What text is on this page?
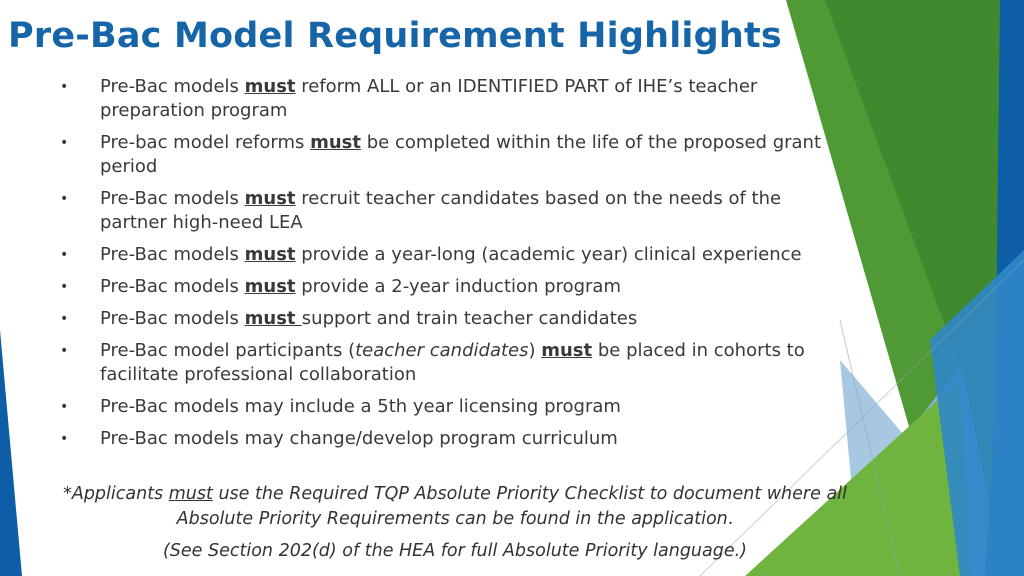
Pre-Bac Model Requirement Highlights
• Pre-Bac models must reform ALL or an IDENTIFIED PART of IHE’s teacher preparation program
• Pre-bac model reforms must be completed within the life of the proposed grant period
• Pre-Bac models must recruit teacher candidates based on the needs of the partner high-need LEA
• Pre-Bac models must provide a year-long (academic year) clinical experience
• Pre-Bac models must provide a 2-year induction program
• Pre-Bac models must support and train teacher candidates
• Pre-Bac model participants (teacher candidates) must be placed in cohorts to facilitate professional collaboration
• Pre-Bac models may include a 5th year licensing program
• Pre-Bac models may change/develop program curriculum

*Applicants must use the Required TQP Absolute Priority Checklist to document where all Absolute Priority Requirements can be found in the application.

(See Section 202(d) of the HEA for full Absolute Priority language.)
